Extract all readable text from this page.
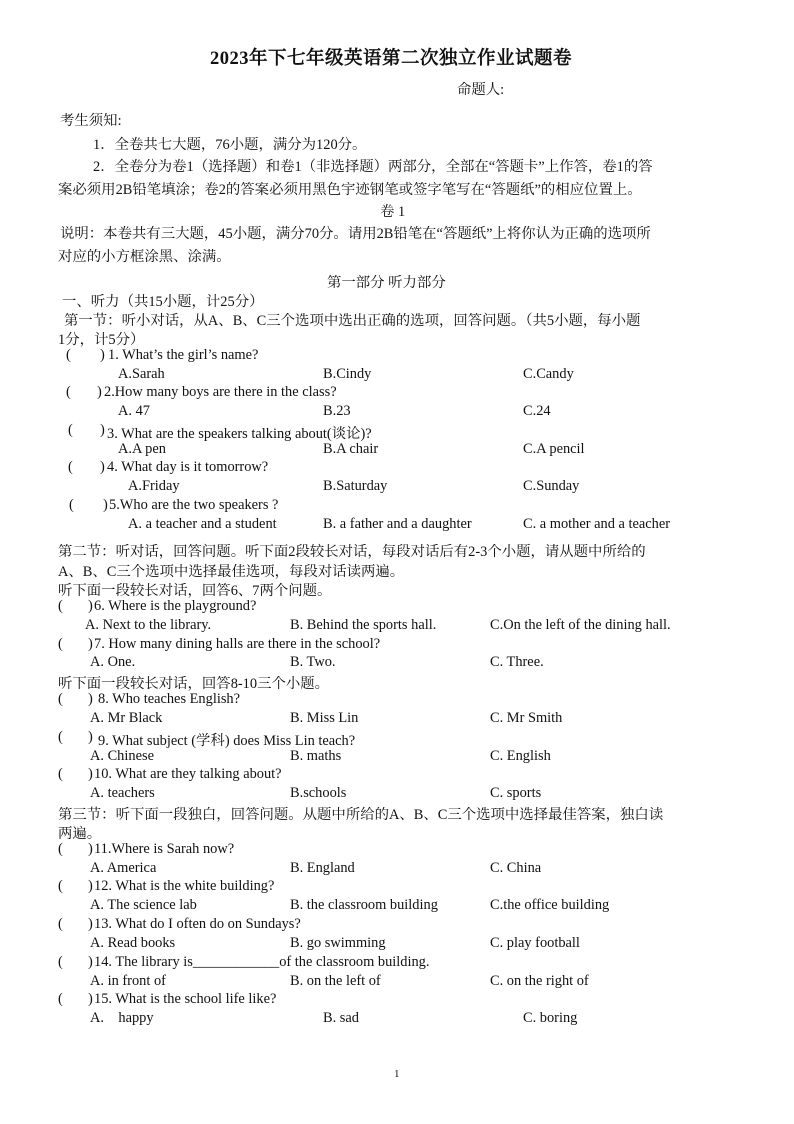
2023年下七年级英语第二次独立作业试题卷
命题人:
考生须知:
1．全卷共七大题，76小题，满分为120分。
2．全卷分为卷1（选择题）和卷1（非选择题）两部分，全部在“答题卡”上作答，卷1的答
案必须用2B铅笔填涂；卷2的答案必须用黑色宇迹钢笔或签字笔写在“答题纸”的相应位置上。
卷 1
说明：本卷共有三大题，45小题，满分70分。请用2B铅笔在“答题纸”上将你认为正确的选项所
对应的小方框涂黑、涂满。
第一部分 听力部分
一、听力（共15小题，计25分）
第一节：听小对话，从A、B、C三个选项中选出正确的选项，回答问题。（共5小题，每小题
1分，计5分）
( ) 1. What’s the girl’s name?
A.Sarah	B.Cindy	C.Candy
( ) 2.How many boys are there in the class?
A. 47	B.23	C.24
( ) 3. What are the speakers talking about(谈论)?
A.A pen	B.A chair	C.A pencil
( ) 4. What day is it tomorrow?
A.Friday	B.Saturday	C.Sunday
( ) 5.Who are the two speakers ?
A. a teacher and a student	B. a father and a daughter	C. a mother and a teacher
第二节：听对话，回答问题。听下面2段较长对话，每段对话后有2-3个小题，请从题中所给的
A、B、C三个选项中选择最佳选项，每段对话读两遍。
听下面一段较长对话，回答6、7两个问题。
( ) 6. Where is the playground?
A. Next to the library.	B. Behind the sports hall.	C.On the left of the dining hall.
( ) 7. How many dining halls are there in the school?
A. One.	B. Two.	C. Three.
听下面一段较长对话，回答8-10三个小题。
( ) 8. Who teaches English?
A. Mr Black	B. Miss Lin	C. Mr Smith
( ) 9. What subject (学科) does Miss Lin teach?
A. Chinese	B. maths	C. English
( ) 10. What are they talking about?
A. teachers	B.schools	C. sports
第三节：听下面一段独白，回答问题。从题中所给的A、B、C三个选项中选择最佳答案，独白读
两遍。
( ) 11.Where is Sarah now?
A. America	B. England	C. China
( ) 12. What is the white building?
A. The science lab	B. the classroom building	C.the office building
( ) 13. What do I often do on Sundays?
A. Read books	B. go swimming	C. play football
( ) 14. The library is____________of the classroom building.
A. in front of	B. on the left of	C. on the right of
( ) 15. What is the school life like?
A.    happy	B. sad	C. boring
1
